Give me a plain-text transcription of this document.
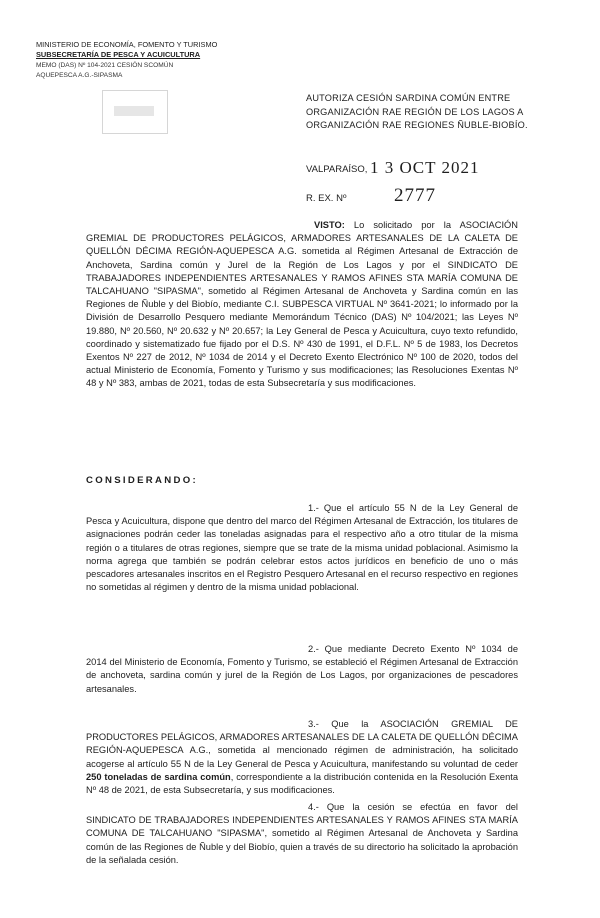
MINISTERIO DE ECONOMÍA, FOMENTO Y TURISMO
SUBSECRETARÍA DE PESCA Y ACUICULTURA
MEMO (DAS) Nº 104-2021 CESIÓN SCOMÚN
AQUEPESCA A.G.-SIPASMA
AUTORIZA CESIÓN SARDINA COMÚN ENTRE ORGANIZACIÓN RAE REGIÓN DE LOS LAGOS A ORGANIZACIÓN RAE REGIONES ÑUBLE-BIOBÍO.
VALPARAÍSO, 1 3 OCT 2021
R. EX. Nº	2777
VISTO: Lo solicitado por la ASOCIACIÓN GREMIAL DE PRODUCTORES PELÁGICOS, ARMADORES ARTESANALES DE LA CALETA DE QUELLÓN DÉCIMA REGIÓN-AQUEPESCA A.G. sometida al Régimen Artesanal de Extracción de Anchoveta, Sardina común y Jurel de la Región de Los Lagos y por el SINDICATO DE TRABAJADORES INDEPENDIENTES ARTESANALES Y RAMOS AFINES STA MARÍA COMUNA DE TALCAHUANO "SIPASMA", sometido al Régimen Artesanal de Anchoveta y Sardina común en las Regiones de Ñuble y del Biobío, mediante C.I. SUBPESCA VIRTUAL Nº 3641-2021; lo informado por la División de Desarrollo Pesquero mediante Memorándum Técnico (DAS) Nº 104/2021; las Leyes Nº 19.880, Nº 20.560, Nº 20.632 y Nº 20.657; la Ley General de Pesca y Acuicultura, cuyo texto refundido, coordinado y sistematizado fue fijado por el D.S. Nº 430 de 1991, el D.F.L. Nº 5 de 1983, los Decretos Exentos Nº 227 de 2012, Nº 1034 de 2014 y el Decreto Exento Electrónico Nº 100 de 2020, todos del actual Ministerio de Economía, Fomento y Turismo y sus modificaciones; las Resoluciones Exentas Nº 48 y Nº 383, ambas de 2021, todas de esta Subsecretaría y sus modificaciones.
CONSIDERANDO:
1.- Que el artículo 55 N de la Ley General de Pesca y Acuicultura, dispone que dentro del marco del Régimen Artesanal de Extracción, los titulares de asignaciones podrán ceder las toneladas asignadas para el respectivo año a otro titular de la misma región o a titulares de otras regiones, siempre que se trate de la misma unidad poblacional. Asimismo la norma agrega que también se podrán celebrar estos actos jurídicos en beneficio de uno o más pescadores artesanales inscritos en el Registro Pesquero Artesanal en el recurso respectivo en regiones no sometidas al régimen y dentro de la misma unidad poblacional.
2.- Que mediante Decreto Exento Nº 1034 de 2014 del Ministerio de Economía, Fomento y Turismo, se estableció el Régimen Artesanal de Extracción de anchoveta, sardina común y jurel de la Región de Los Lagos, por organizaciones de pescadores artesanales.
3.- Que la ASOCIACIÓN GREMIAL DE PRODUCTORES PELÁGICOS, ARMADORES ARTESANALES DE LA CALETA DE QUELLÓN DÉCIMA REGIÓN-AQUEPESCA A.G., sometida al mencionado régimen de administración, ha solicitado acogerse al artículo 55 N de la Ley General de Pesca y Acuicultura, manifestando su voluntad de ceder 250 toneladas de sardina común, correspondiente a la distribución contenida en la Resolución Exenta Nº 48 de 2021, de esta Subsecretaría, y sus modificaciones.
4.- Que la cesión se efectúa en favor del SINDICATO DE TRABAJADORES INDEPENDIENTES ARTESANALES Y RAMOS AFINES STA MARÍA COMUNA DE TALCAHUANO "SIPASMA", sometido al Régimen Artesanal de Anchoveta y Sardina común de las Regiones de Ñuble y del Biobío, quien a través de su directorio ha solicitado la aprobación de la señalada cesión.
